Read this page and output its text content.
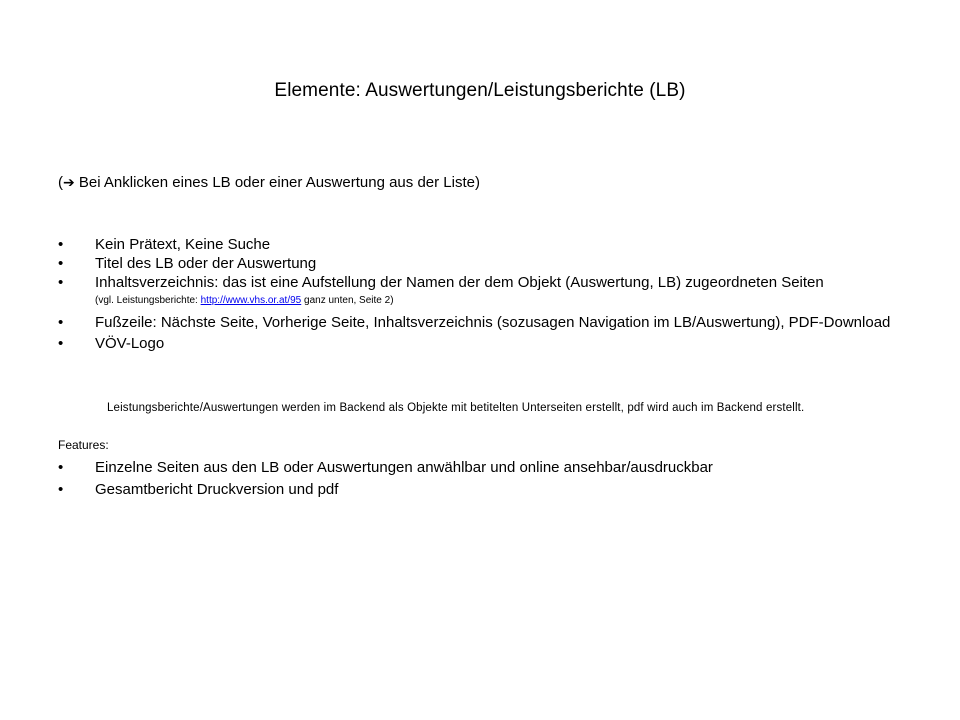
Elemente: Auswertungen/Leistungsberichte (LB)
(➔ Bei Anklicken eines LB oder einer Auswertung aus der Liste)
• Kein Prätext, Keine Suche
• Titel des LB oder der Auswertung
• Inhaltsverzeichnis: das ist eine Aufstellung der Namen der dem Objekt (Auswertung, LB) zugeordneten Seiten
(vgl. Leistungsberichte: http://www.vhs.or.at/95 ganz unten, Seite 2)
• Fußzeile: Nächste Seite, Vorherige Seite, Inhaltsverzeichnis (sozusagen Navigation im LB/Auswertung), PDF-Download
• VÖV-Logo
Leistungsberichte/Auswertungen werden im Backend als Objekte mit betitelten Unterseiten erstellt, pdf wird auch im Backend erstellt.
Features:
• Einzelne Seiten aus den LB oder Auswertungen anwählbar und online ansehbar/ausdruckbar
• Gesamtbericht Druckversion und pdf
